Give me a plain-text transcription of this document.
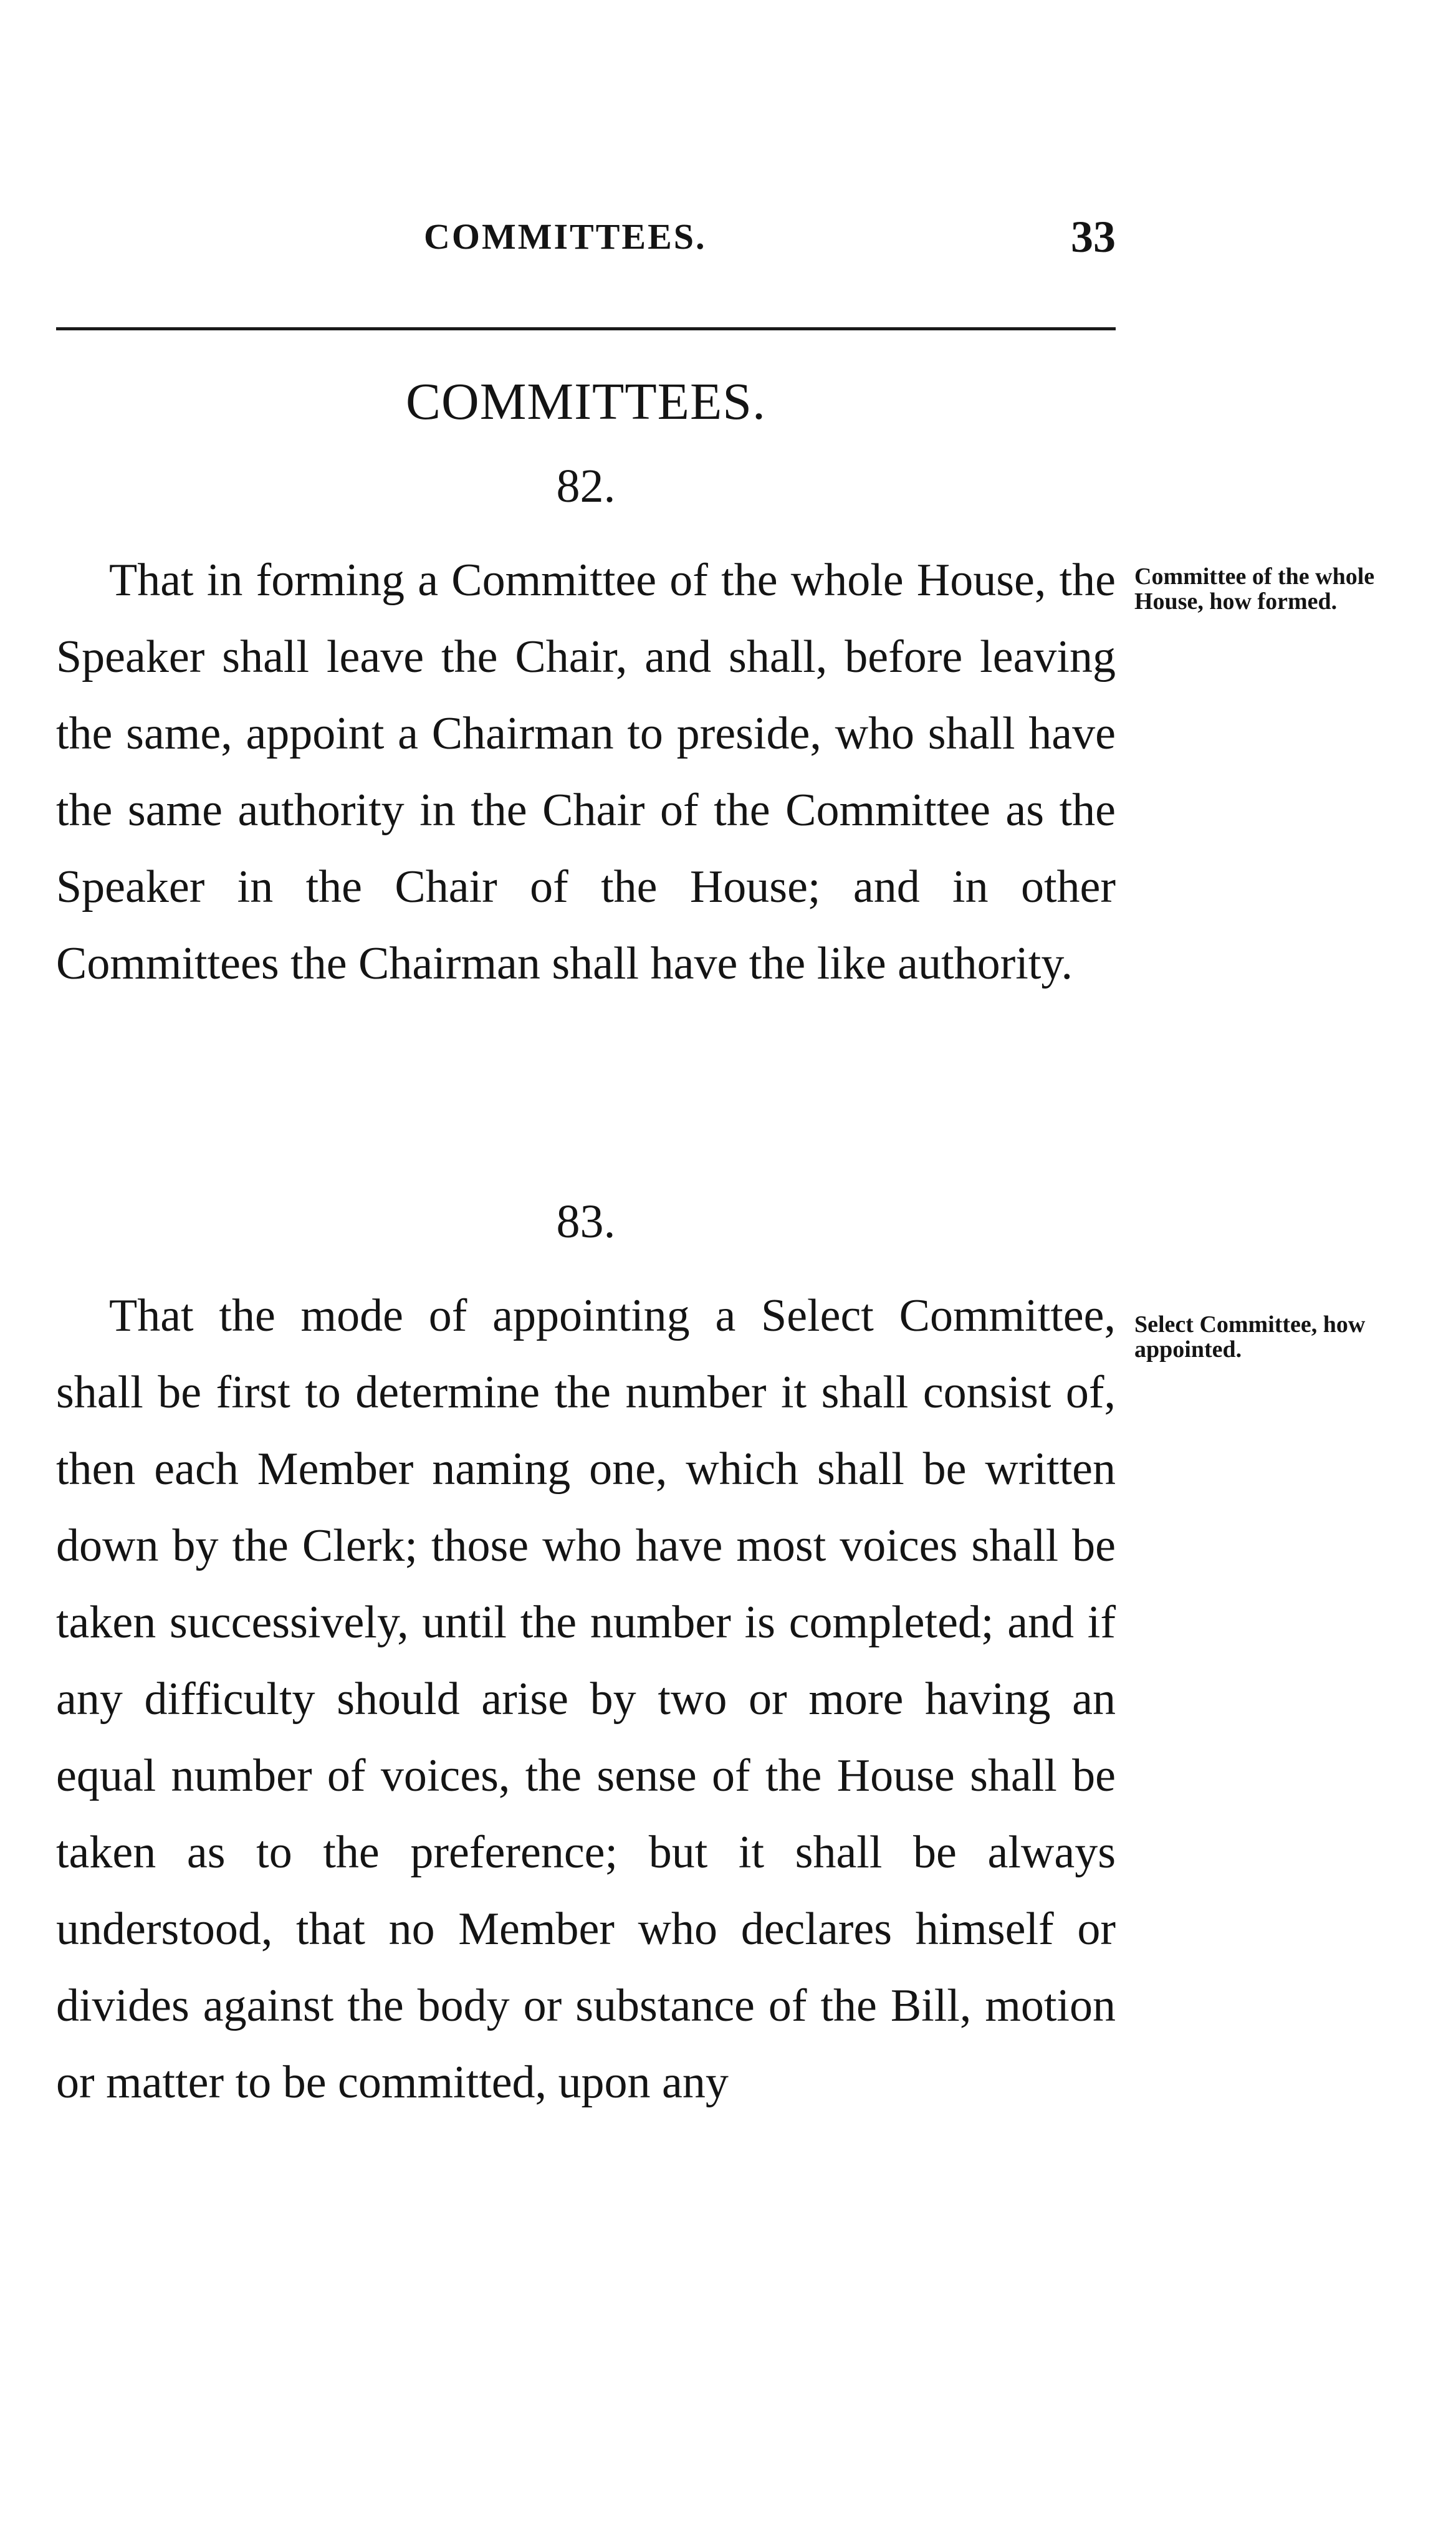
COMMITTEES.	33
COMMITTEES.
82.

That in forming a Committee of the whole House, the Speaker shall leave the Chair, and shall, before leaving the same, appoint a Chairman to preside, who shall have the same authority in the Chair of the Committee as the Speaker in the Chair of the House; and in other Committees the Chairman shall have the like authority.

Committee of the whole House, how formed.
83.

That the mode of appointing a Select Committee, shall be first to determine the number it shall consist of, then each Member naming one, which shall be written down by the Clerk; those who have most voices shall be taken successively, until the number is completed; and if any difficulty should arise by two or more having an equal number of voices, the sense of the House shall be taken as to the preference; but it shall be always understood, that no Member who declares himself or divides against the body or substance of the Bill, motion or matter to be committed, upon any

Select Committee, how appointed.
